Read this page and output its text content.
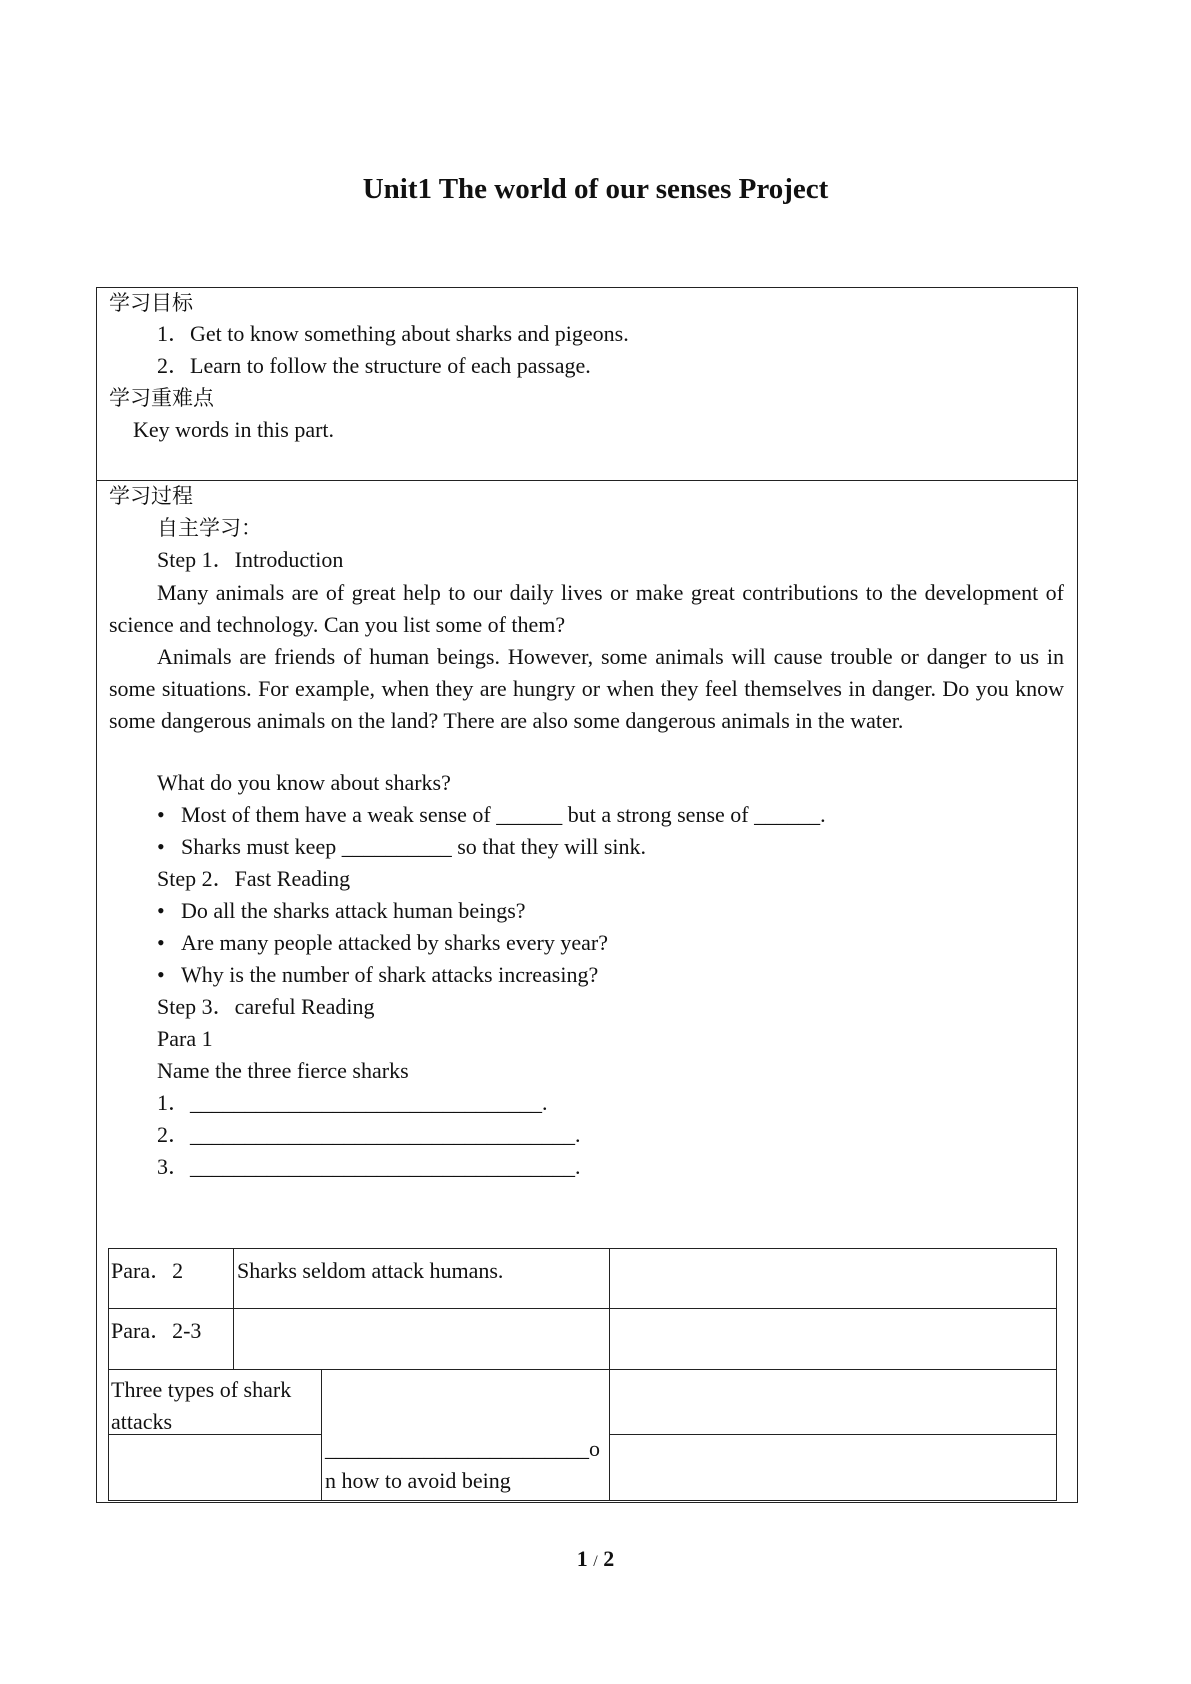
Unit1 The world of our senses Project
学习目标
1．Get to know something about sharks and pigeons.
2．Learn to follow the structure of each passage.
学习重难点
Key words in this part.
学习过程
自主学习：
Step 1．Introduction
Many animals are of great help to our daily lives or make great contributions to the development of science and technology. Can you list some of them?
Animals are friends of human beings. However, some animals will cause trouble or danger to us in some situations. For example, when they are hungry or when they feel themselves in danger. Do you know some dangerous animals on the land? There are also some dangerous animals in the water.
What do you know about sharks?
• Most of them have a weak sense of ______ but a strong sense of ______.
• Sharks must keep __________ so that they will sink.
Step 2．Fast Reading
• Do all the sharks attack human beings?
• Are many people attacked by sharks every year?
• Why is the number of shark attacks increasing?
Step 3．careful Reading
Para 1
Name the three fierce sharks
1．________________________________.
2．___________________________________.
3．___________________________________.
Para．2 Sharks seldom attack humans.
Para．2-3
Three types of shark
attacks
________________________o
n how to avoid being
1 / 2
